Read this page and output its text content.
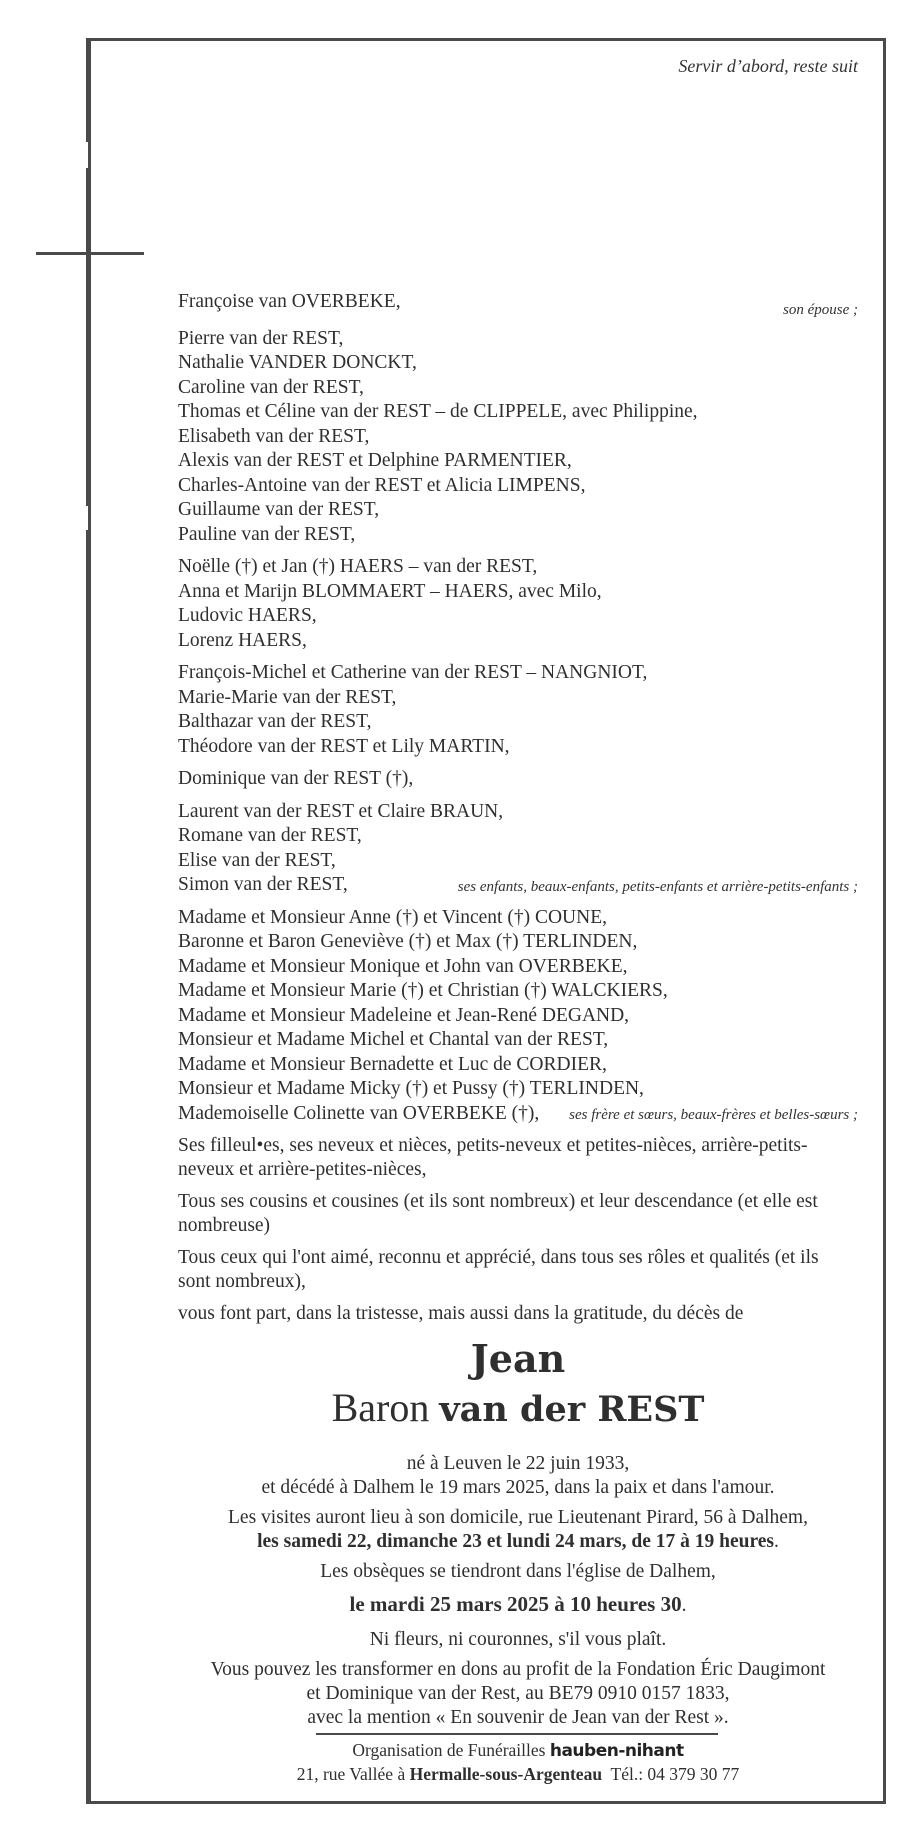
Servir d’abord, reste suit
Françoise van OVERBEKE,	son épouse ;
Pierre van der REST,
Nathalie VANDER DONCKT,
Caroline van der REST,
Thomas et Céline van der REST – de CLIPPELE, avec Philippine,
Elisabeth van der REST,
Alexis van der REST et Delphine PARMENTIER,
Charles-Antoine van der REST et Alicia LIMPENS,
Guillaume van der REST,
Pauline van der REST,
Noëlle (†) et Jan (†) HAERS – van der REST,
Anna et Marijn BLOMMAERT – HAERS, avec Milo,
Ludovic HAERS,
Lorenz HAERS,
François-Michel et Catherine van der REST – NANGNIOT,
Marie-Marie van der REST,
Balthazar van der REST,
Théodore van der REST et Lily MARTIN,
Dominique van der REST (†),
Laurent van der REST et Claire BRAUN,
Romane van der REST,
Elise van der REST,
Simon van der REST,	ses enfants, beaux-enfants, petits-enfants et arrière-petits-enfants ;
Madame et Monsieur Anne (†) et Vincent (†) COUNE,
Baronne et Baron Geneviève (†) et Max (†) TERLINDEN,
Madame et Monsieur Monique et John van OVERBEKE,
Madame et Monsieur Marie (†) et Christian (†) WALCKIERS,
Madame et Monsieur Madeleine et Jean-René DEGAND,
Monsieur et Madame Michel et Chantal van der REST,
Madame et Monsieur Bernadette et Luc de CORDIER,
Monsieur et Madame Micky (†) et Pussy (†) TERLINDEN,
Mademoiselle Colinette van OVERBEKE (†),	ses frère et sœurs, beaux-frères et belles-sœurs ;
Ses filleul•es, ses neveux et nièces, petits-neveux et petites-nièces, arrière-petits-neveux et arrière-petites-nièces,
Tous ses cousins et cousines (et ils sont nombreux) et leur descendance (et elle est nombreuse)
Tous ceux qui l'ont aimé, reconnu et apprécié, dans tous ses rôles et qualités (et ils sont nombreux),
vous font part, dans la tristesse, mais aussi dans la gratitude, du décès de
Jean
Baron van der REST
né à Leuven le 22 juin 1933,
et décédé à Dalhem le 19 mars 2025, dans la paix et dans l'amour.
Les visites auront lieu à son domicile, rue Lieutenant Pirard, 56 à Dalhem,
les samedi 22, dimanche 23 et lundi 24 mars, de 17 à 19 heures.
Les obsèques se tiendront dans l'église de Dalhem,
le mardi 25 mars 2025 à 10 heures 30.
Ni fleurs, ni couronnes, s'il vous plaît.
Vous pouvez les transformer en dons au profit de la Fondation Éric Daugimont
et Dominique van der Rest, au BE79 0910 0157 1833,
avec la mention « En souvenir de Jean van der Rest ».
Organisation de Funérailles hauben-nihant
21, rue Vallée à Hermalle-sous-Argenteau Tél.: 04 379 30 77
